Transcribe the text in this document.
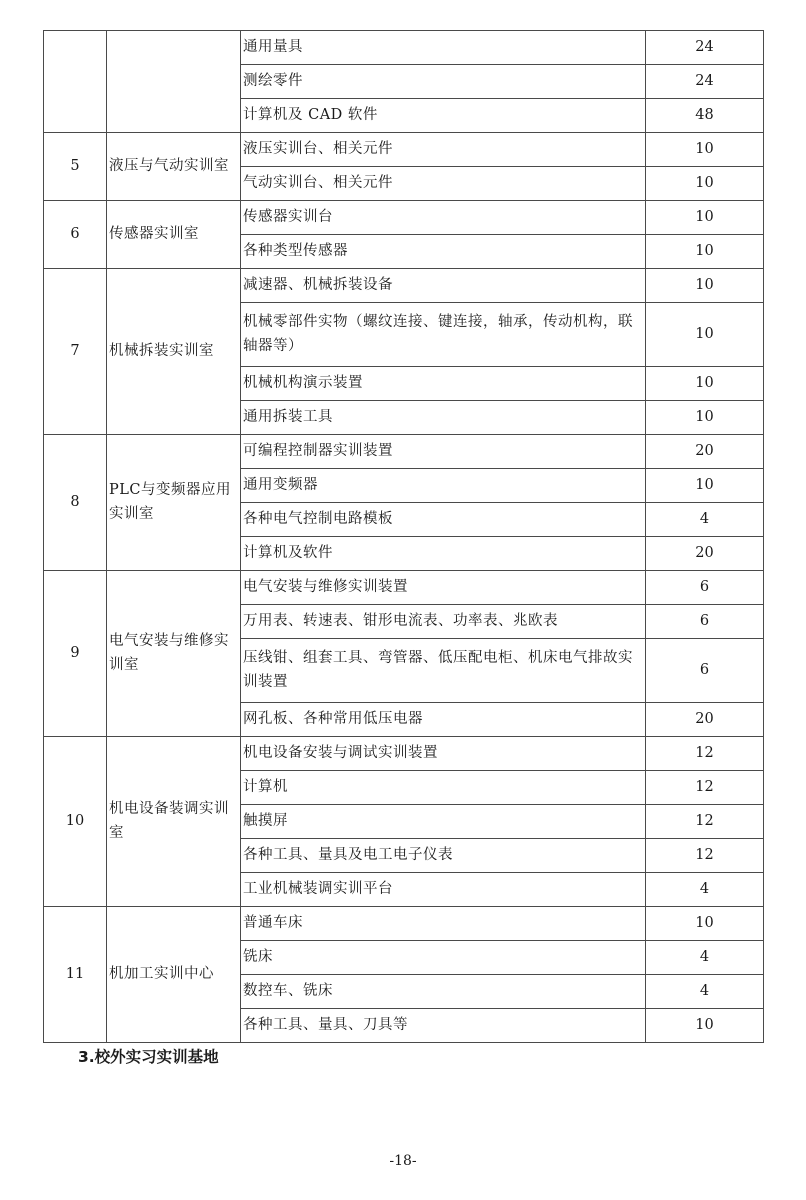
		通用量具	24
		测绘零件	24
		计算机及 CAD 软件	48
5	液压与气动实训室	液压实训台、相关元件	10
		气动实训台、相关元件	10
6	传感器实训室	传感器实训台	10
		各种类型传感器	10
7	机械拆装实训室	减速器、机械拆装设备	10
		机械零部件实物（螺纹连接、键连接，轴承，传动机构，联轴器等）	10
		机械机构演示装置	10
		通用拆装工具	10
8	PLC与变频器应用实训室	可编程控制器实训装置	20
		通用变频器	10
		各种电气控制电路模板	4
		计算机及软件	20
9	电气安装与维修实训室	电气安装与维修实训装置	6
		万用表、转速表、钳形电流表、功率表、兆欧表	6
		压线钳、组套工具、弯管器、低压配电柜、机床电气排故实训装置	6
		网孔板、各种常用低压电器	20
10	机电设备装调实训室	机电设备安装与调试实训装置	12
		计算机	12
		触摸屏	12
		各种工具、量具及电工电子仪表	12
		工业机械装调实训平台	4
11	机加工实训中心	普通车床	10
		铣床	4
		数控车、铣床	4
		各种工具、量具、刀具等	10
3.校外实习实训基地
-18-
